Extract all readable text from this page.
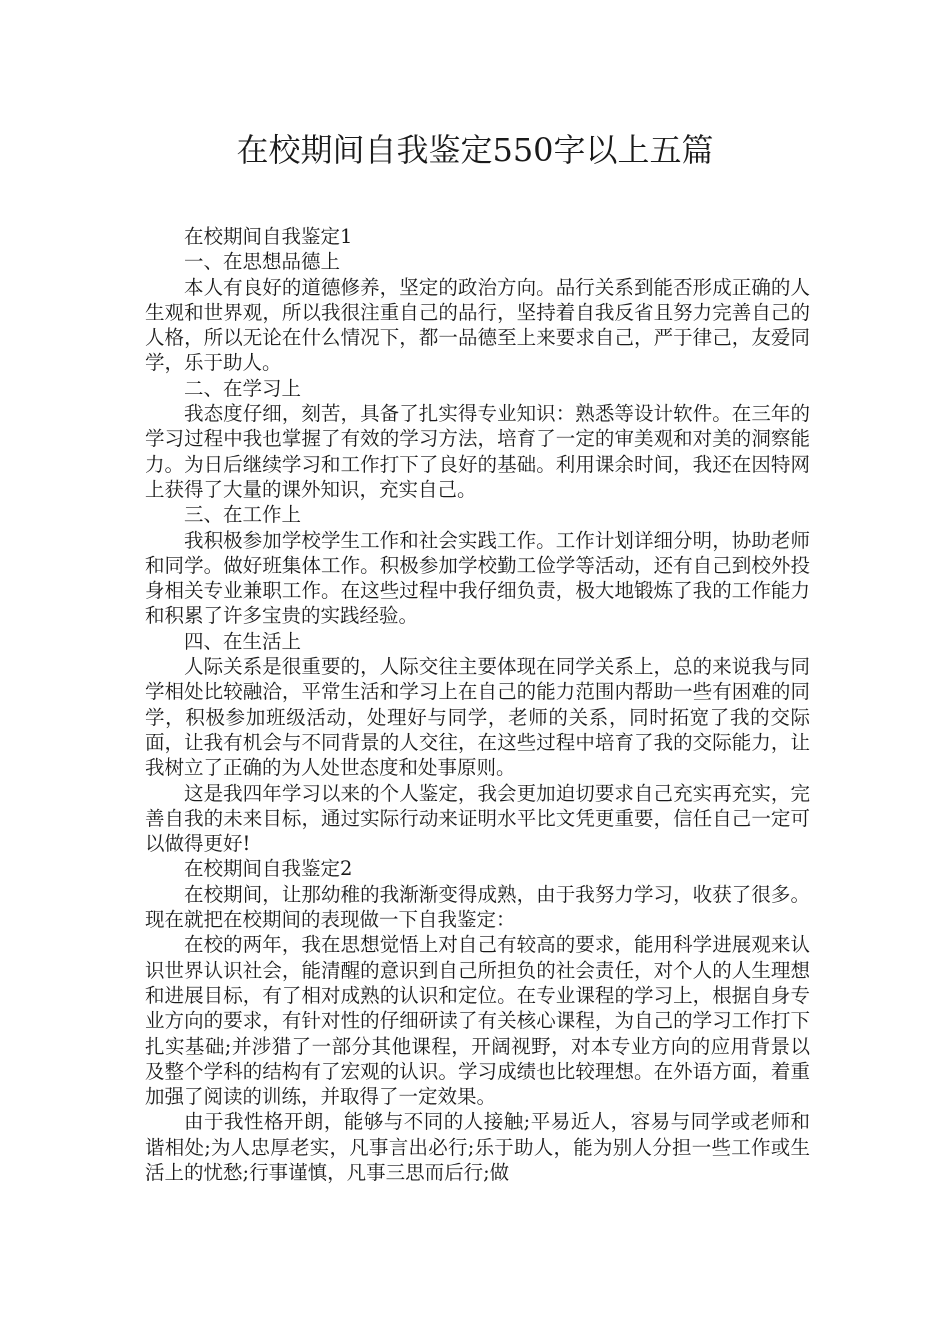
在校期间自我鉴定550字以上五篇

在校期间自我鉴定1

一、在思想品德上

本人有良好的道德修养，坚定的政治方向。品行关系到能否形成正确的人生观和世界观，所以我很注重自己的品行，坚持着自我反省且努力完善自己的人格，所以无论在什么情况下，都一品德至上来要求自己，严于律己，友爱同学，乐于助人。

二、在学习上

我态度仔细，刻苦，具备了扎实得专业知识：熟悉等设计软件。在三年的学习过程中我也掌握了有效的学习方法，培育了一定的审美观和对美的洞察能力。为日后继续学习和工作打下了良好的基础。利用课余时间，我还在因特网上获得了大量的课外知识，充实自己。

三、在工作上

我积极参加学校学生工作和社会实践工作。工作计划详细分明，协助老师和同学。做好班集体工作。积极参加学校勤工俭学等活动，还有自己到校外投身相关专业兼职工作。在这些过程中我仔细负责，极大地锻炼了我的工作能力和积累了许多宝贵的实践经验。

四、在生活上

人际关系是很重要的，人际交往主要体现在同学关系上，总的来说我与同学相处比较融洽，平常生活和学习上在自己的能力范围内帮助一些有困难的同学，积极参加班级活动，处理好与同学，老师的关系，同时拓宽了我的交际面，让我有机会与不同背景的人交往，在这些过程中培育了我的交际能力，让我树立了正确的为人处世态度和处事原则。

这是我四年学习以来的个人鉴定，我会更加迫切要求自己充实再充实，完善自我的未来目标，通过实际行动来证明水平比文凭更重要，信任自己一定可以做得更好!

在校期间自我鉴定2

在校期间，让那幼稚的我渐渐变得成熟，由于我努力学习，收获了很多。现在就把在校期间的表现做一下自我鉴定：

在校的两年，我在思想觉悟上对自己有较高的要求，能用科学进展观来认识世界认识社会，能清醒的意识到自己所担负的社会责任，对个人的人生理想和进展目标，有了相对成熟的认识和定位。在专业课程的学习上，根据自身专业方向的要求，有针对性的仔细研读了有关核心课程，为自己的学习工作打下扎实基础;并涉猎了一部分其他课程，开阔视野，对本专业方向的应用背景以及整个学科的结构有了宏观的认识。学习成绩也比较理想。在外语方面，着重加强了阅读的训练，并取得了一定效果。

由于我性格开朗，能够与不同的人接触;平易近人，容易与同学或老师和谐相处;为人忠厚老实，凡事言出必行;乐于助人，能为别人分担一些工作或生活上的忧愁;行事谨慎，凡事三思而后行;做
